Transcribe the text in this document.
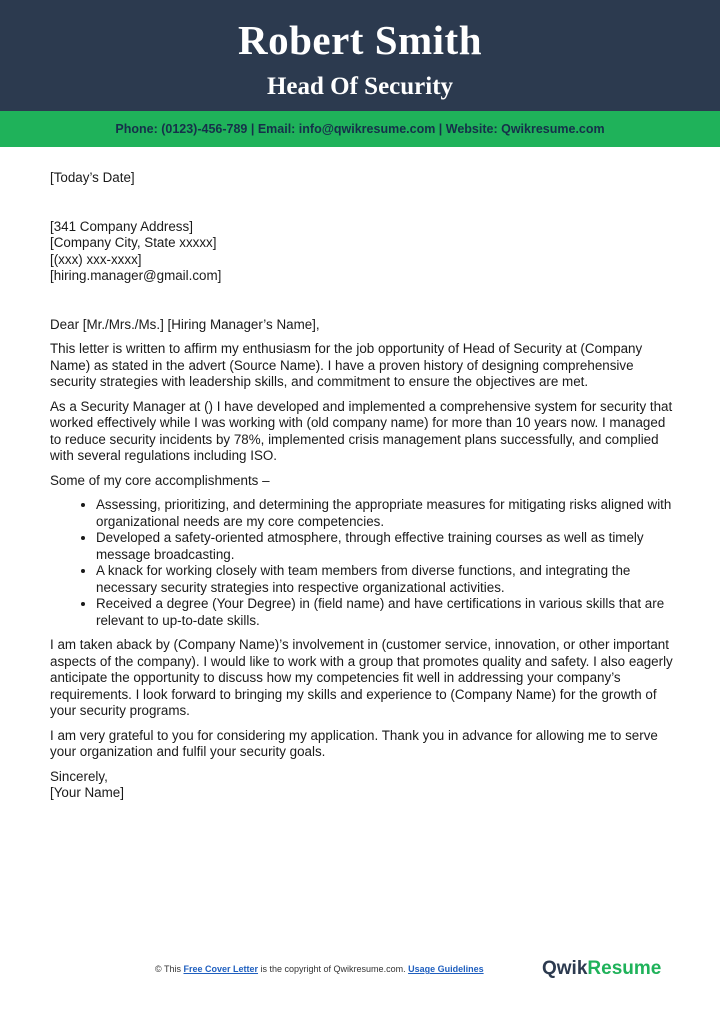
Robert Smith
Head Of Security
Phone: (0123)-456-789 | Email: info@qwikresume.com | Website: Qwikresume.com

[Today’s Date]

[341 Company Address]

[Company City, State xxxxx]

[(xxx) xxx-xxxx]

[hiring.manager@gmail.com]

Dear [Mr./Mrs./Ms.] [Hiring Manager’s Name],

This letter is written to affirm my enthusiasm for the job opportunity of Head of Security at (Company Name) as stated in the advert (Source Name). I have a proven history of designing comprehensive security strategies with leadership skills, and commitment to ensure the objectives are met.

As a Security Manager at () I have developed and implemented a comprehensive system for security that worked effectively while I was working with (old company name) for more than 10 years now. I managed to reduce security incidents by 78%, implemented crisis management plans successfully, and complied with several regulations including ISO.

Some of my core accomplishments –

• Assessing, prioritizing, and determining the appropriate measures for mitigating risks aligned with organizational needs are my core competencies.
• Developed a safety-oriented atmosphere, through effective training courses as well as timely message broadcasting.
• A knack for working closely with team members from diverse functions, and integrating the necessary security strategies into respective organizational activities.
• Received a degree (Your Degree) in (field name) and have certifications in various skills that are relevant to up-to-date skills.

I am taken aback by (Company Name)’s involvement in (customer service, innovation, or other important aspects of the company). I would like to work with a group that promotes quality and safety. I also eagerly anticipate the opportunity to discuss how my competencies fit well in addressing your company’s requirements. I look forward to bringing my skills and experience to (Company Name) for the growth of your security programs.

I am very grateful to you for considering my application. Thank you in advance for allowing me to serve your organization and fulfil your security goals.

Sincerely,

[Your Name]

© This Free Cover Letter is the copyright of Qwikresume.com. Usage Guidelines	QwikResume
